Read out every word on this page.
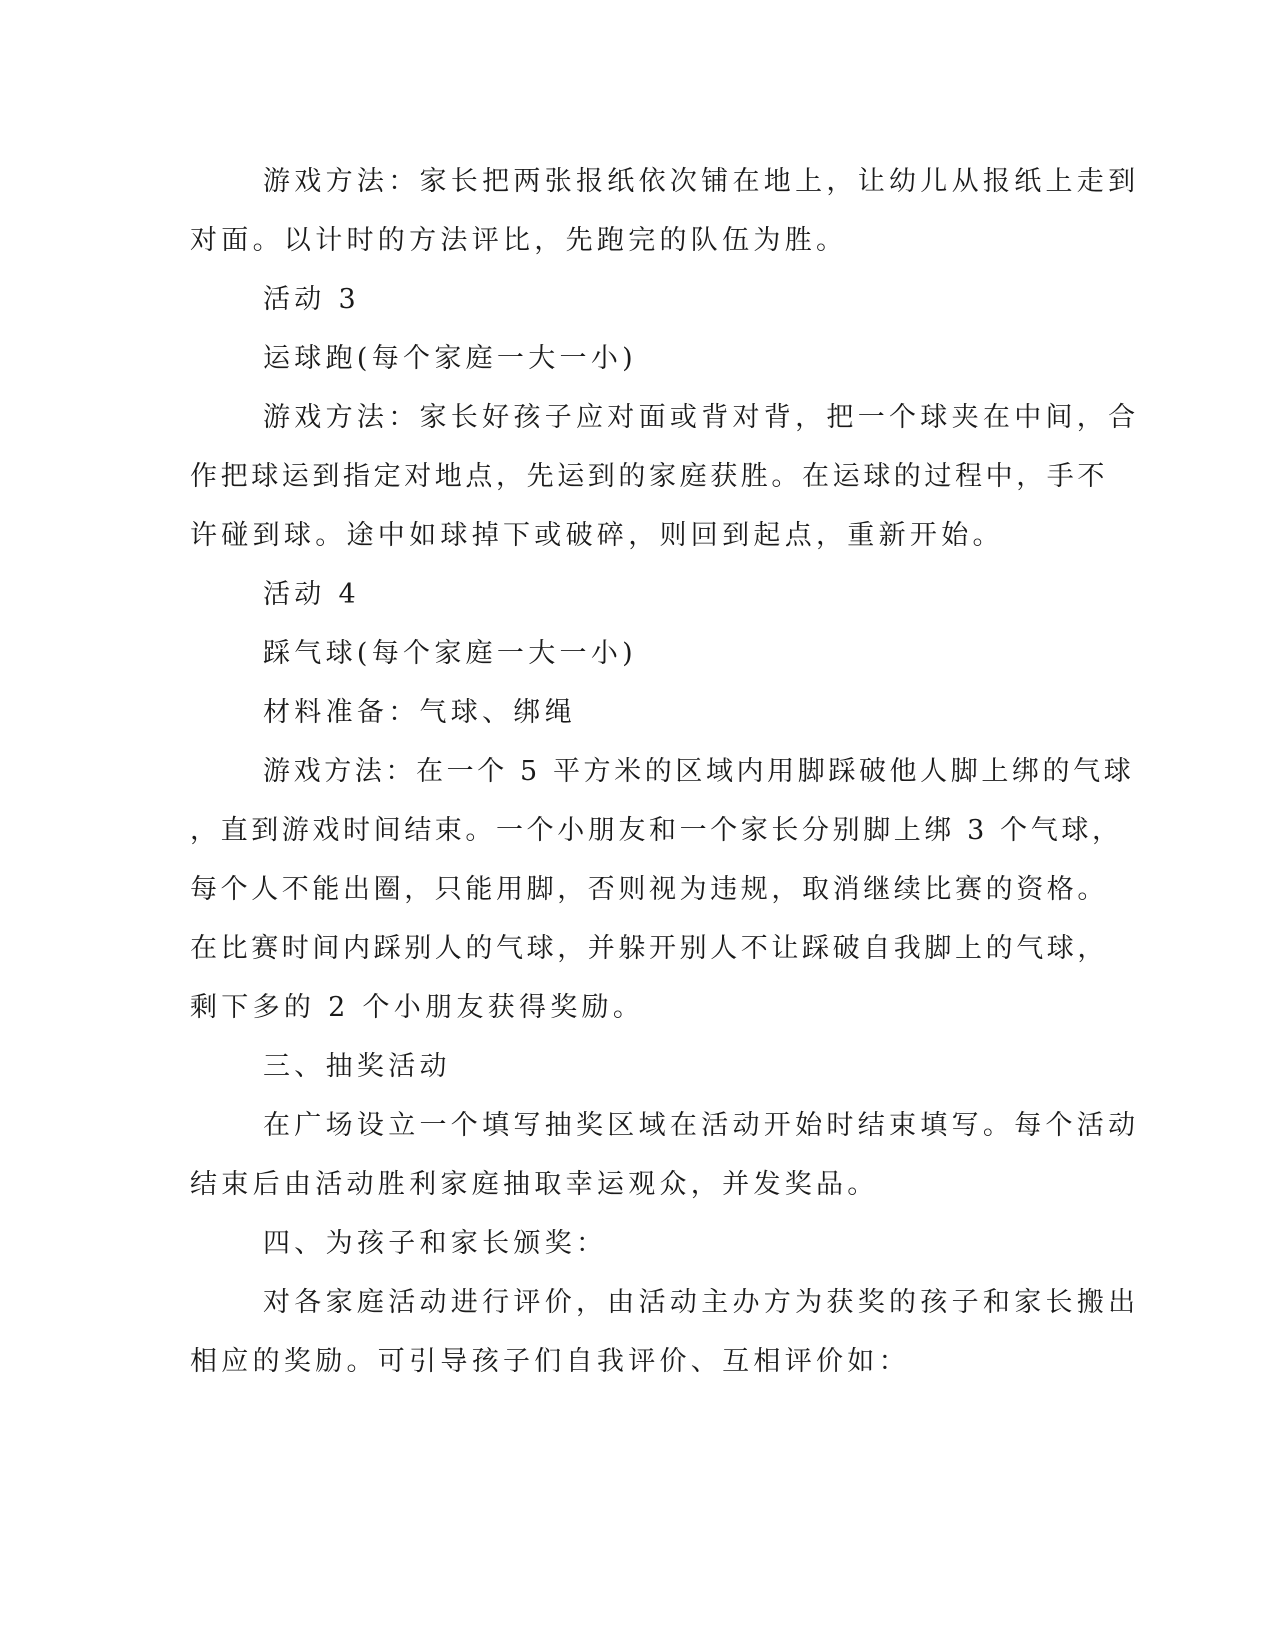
游戏方法：家长把两张报纸依次铺在地上，让幼儿从报纸上走到
对面。以计时的方法评比，先跑完的队伍为胜。
活动 3
运球跑(每个家庭一大一小)
游戏方法：家长好孩子应对面或背对背，把一个球夹在中间，合
作把球运到指定对地点，先运到的家庭获胜。在运球的过程中，手不
许碰到球。途中如球掉下或破碎，则回到起点，重新开始。
活动 4
踩气球(每个家庭一大一小)
材料准备：气球、绑绳
游戏方法：在一个 5 平方米的区域内用脚踩破他人脚上绑的气球
，直到游戏时间结束。一个小朋友和一个家长分别脚上绑 3 个气球，
每个人不能出圈，只能用脚，否则视为违规，取消继续比赛的资格。
在比赛时间内踩别人的气球，并躲开别人不让踩破自我脚上的气球，
剩下多的 2 个小朋友获得奖励。
三、抽奖活动
在广场设立一个填写抽奖区域在活动开始时结束填写。每个活动
结束后由活动胜利家庭抽取幸运观众，并发奖品。
四、为孩子和家长颁奖：
对各家庭活动进行评价，由活动主办方为获奖的孩子和家长搬出
相应的奖励。可引导孩子们自我评价、互相评价如：
